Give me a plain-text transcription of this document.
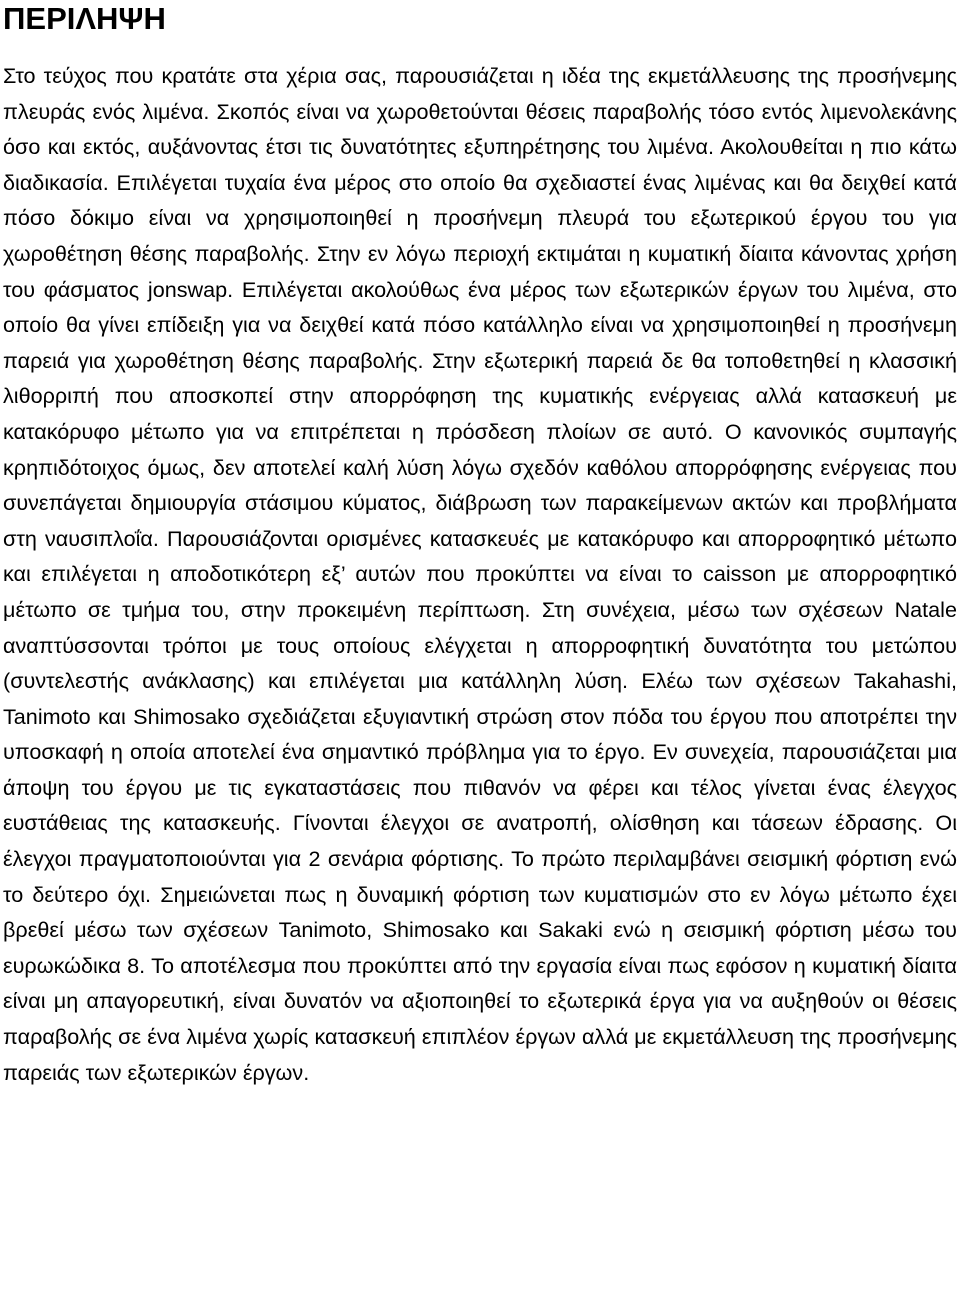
ΠΕΡΙΛΗΨΗ

Στο τεύχος που κρατάτε στα χέρια σας, παρουσιάζεται η ιδέα της εκμετάλλευσης της προσήνεμης πλευράς ενός λιμένα. Σκοπός είναι να χωροθετούνται θέσεις παραβολής τόσο εντός λιμενολεκάνης όσο και εκτός, αυξάνοντας έτσι τις δυνατότητες εξυπηρέτησης του λιμένα. Ακολουθείται η πιο κάτω διαδικασία. Επιλέγεται τυχαία ένα μέρος στο οποίο θα σχεδιαστεί ένας λιμένας και θα δειχθεί κατά πόσο δόκιμο είναι να χρησιμοποιηθεί η προσήνεμη πλευρά του εξωτερικού έργου του για χωροθέτηση θέσης παραβολής. Στην εν λόγω περιοχή εκτιμάται η κυματική δίαιτα κάνοντας χρήση του φάσματος jonswap. Επιλέγεται ακολούθως ένα μέρος των εξωτερικών έργων του λιμένα, στο οποίο θα γίνει επίδειξη για να δειχθεί κατά πόσο κατάλληλο είναι να χρησιμοποιηθεί η προσήνεμη παρειά για χωροθέτηση θέσης παραβολής. Στην εξωτερική παρειά δε θα τοποθετηθεί η κλασσική λιθορριπή που αποσκοπεί στην απορρόφηση της κυματικής ενέργειας αλλά κατασκευή με κατακόρυφο μέτωπο για να επιτρέπεται η πρόσδεση πλοίων σε αυτό. Ο κανονικός συμπαγής κρηπιδότοιχος όμως, δεν αποτελεί καλή λύση λόγω σχεδόν καθόλου απορρόφησης ενέργειας που συνεπάγεται δημιουργία στάσιμου κύματος, διάβρωση των παρακείμενων ακτών και προβλήματα στη ναυσιπλοΐα. Παρουσιάζονται ορισμένες κατασκευές με κατακόρυφο και απορροφητικό μέτωπο και επιλέγεται η αποδοτικότερη εξ’ αυτών που προκύπτει να είναι το caisson με απορροφητικό μέτωπο σε τμήμα του, στην προκειμένη περίπτωση. Στη συνέχεια, μέσω των σχέσεων Natale αναπτύσσονται τρόποι με τους οποίους ελέγχεται η απορροφητική δυνατότητα του μετώπου (συντελεστής ανάκλασης) και επιλέγεται μια κατάλληλη λύση. Ελέω των σχέσεων Takahashi, Tanimoto και Shimosako σχεδιάζεται εξυγιαντική στρώση στον πόδα του έργου που αποτρέπει την υποσκαφή η οποία αποτελεί ένα σημαντικό πρόβλημα για το έργο. Εν συνεχεία, παρουσιάζεται μια άποψη του έργου με τις εγκαταστάσεις που πιθανόν να φέρει και τέλος γίνεται ένας έλεγχος ευστάθειας της κατασκευής. Γίνονται έλεγχοι σε ανατροπή, ολίσθηση και τάσεων έδρασης. Οι έλεγχοι πραγματοποιούνται για 2 σενάρια φόρτισης. Το πρώτο περιλαμβάνει σεισμική φόρτιση ενώ το δεύτερο όχι. Σημειώνεται πως η δυναμική φόρτιση των κυματισμών στο εν λόγω μέτωπο έχει βρεθεί μέσω των σχέσεων Tanimoto, Shimosako και Sakaki ενώ η σεισμική φόρτιση μέσω του ευρωκώδικα 8. Το αποτέλεσμα που προκύπτει από την εργασία είναι πως εφόσον η κυματική δίαιτα είναι μη απαγορευτική, είναι δυνατόν να αξιοποιηθεί το εξωτερικά έργα για να αυξηθούν οι θέσεις παραβολής σε ένα λιμένα χωρίς κατασκευή επιπλέον έργων αλλά με εκμετάλλευση της προσήνεμης παρειάς των εξωτερικών έργων.
